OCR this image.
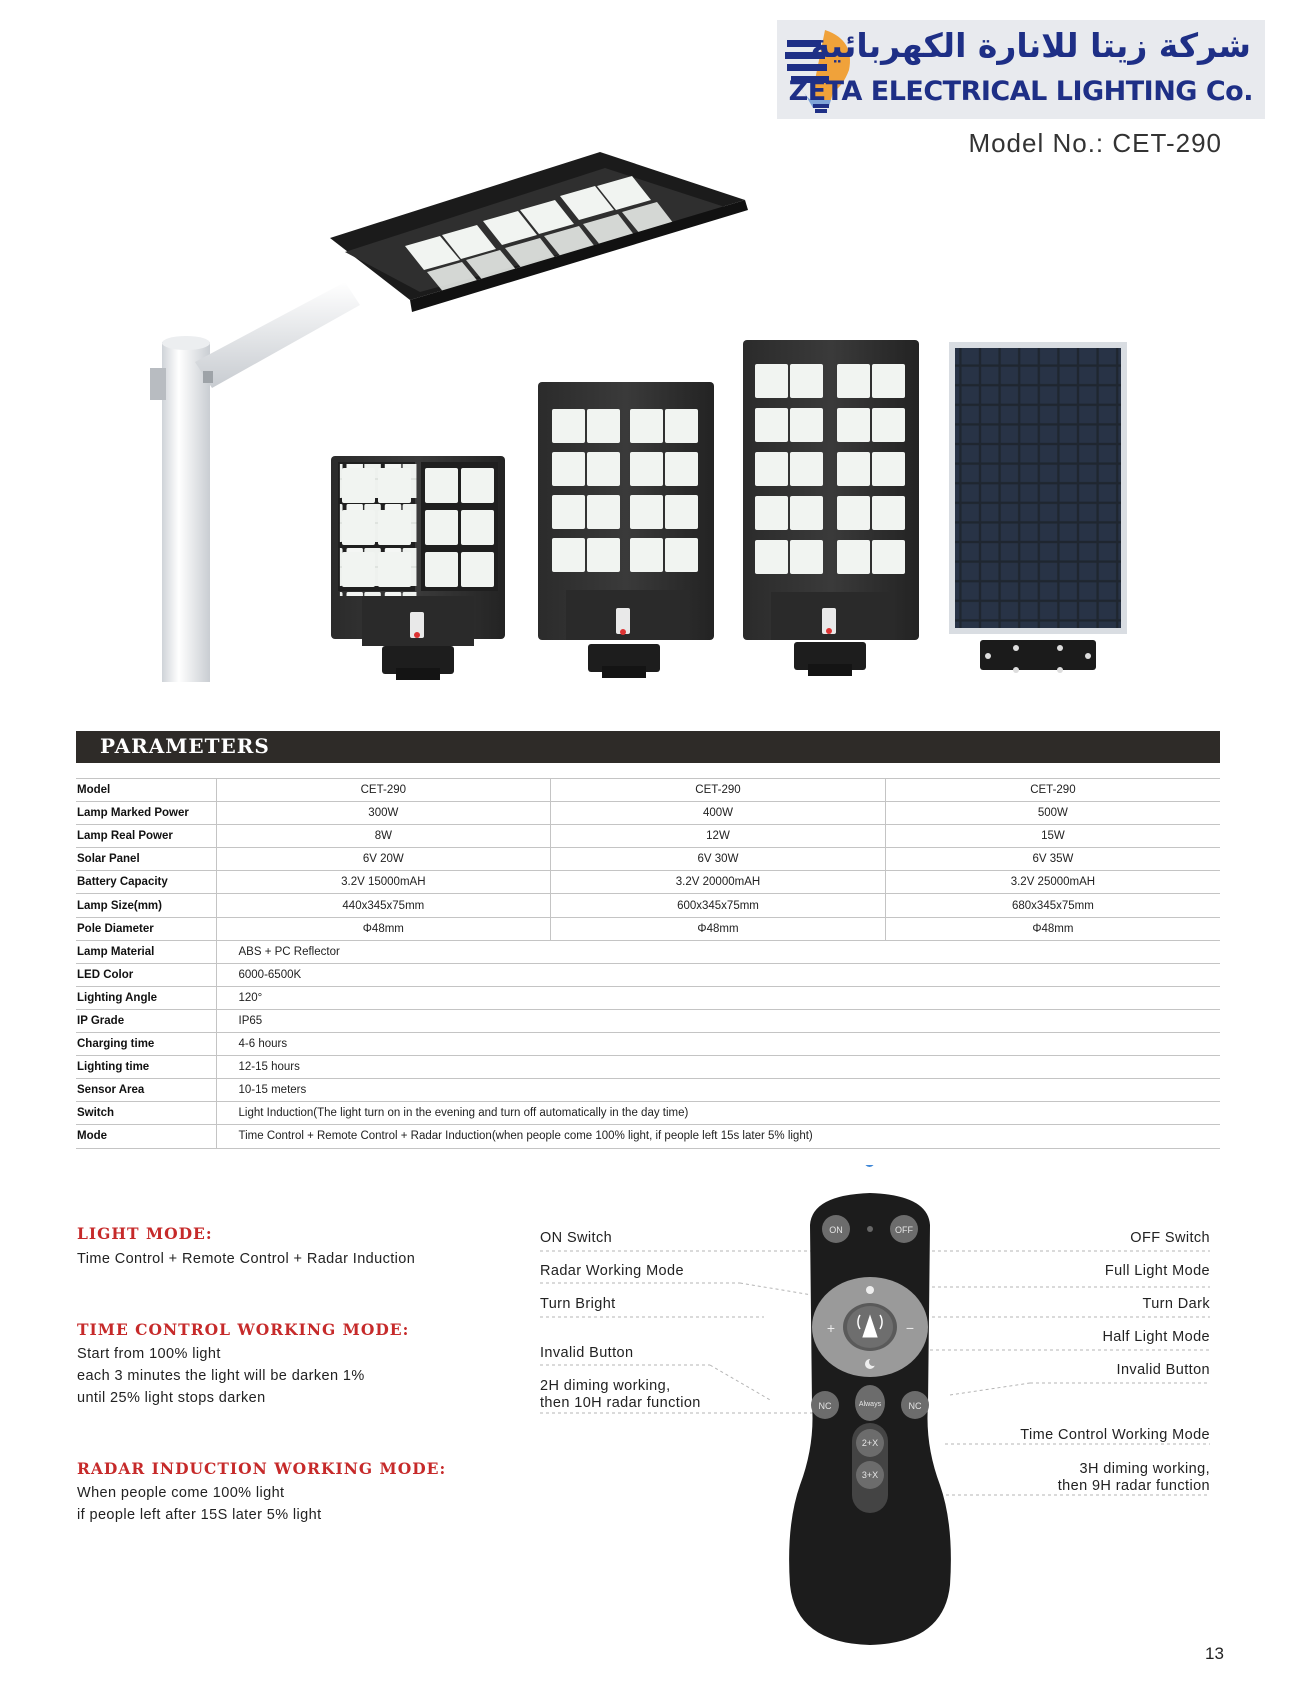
شركة زيتا للانارة الكهربائية
ZETA ELECTRICAL LIGHTING Co.
Model No.: CET-290
PARAMETERS
Model	CET-290	CET-290	CET-290
Lamp Marked Power	300W	400W	500W
Lamp Real Power	8W	12W	15W
Solar Panel	6V 20W	6V 30W	6V 35W
Battery Capacity	3.2V 15000mAH	3.2V 20000mAH	3.2V 25000mAH
Lamp Size(mm)	440x345x75mm	600x345x75mm	680x345x75mm
Pole Diameter	Φ48mm	Φ48mm	Φ48mm
Lamp Material	ABS + PC Reflector		
LED Color	6000-6500K		
Lighting Angle	120°		
IP Grade	IP65		
Charging time	4-6 hours		
Lighting time	12-15 hours		
Sensor Area	10-15 meters		
Switch	Light Induction(The light turn on in the evening and turn off automatically in the day time)		
Mode	Time Control + Remote Control + Radar Induction(when people come 100% light, if people left 15s later 5% light)		
LIGHT MODE:
Time Control + Remote Control + Radar Induction
TIME CONTROL WORKING MODE:
Start from 100% light
each 3 minutes the light will be darken 1%
until 25% light stops darken
RADAR INDUCTION WORKING MODE:
When people come 100% light
if people left after 15S later 5% light
ON	OFF
+	−
NC	Always	NC
2+X
3+X
ON Switch
Radar Working Mode
Turn Bright
Invalid Button
2H diming working,
then 10H radar function
OFF Switch
Full Light Mode
Turn Dark
Half Light Mode
Invalid Button
Time Control Working Mode
3H diming working,
then 9H radar function
13
